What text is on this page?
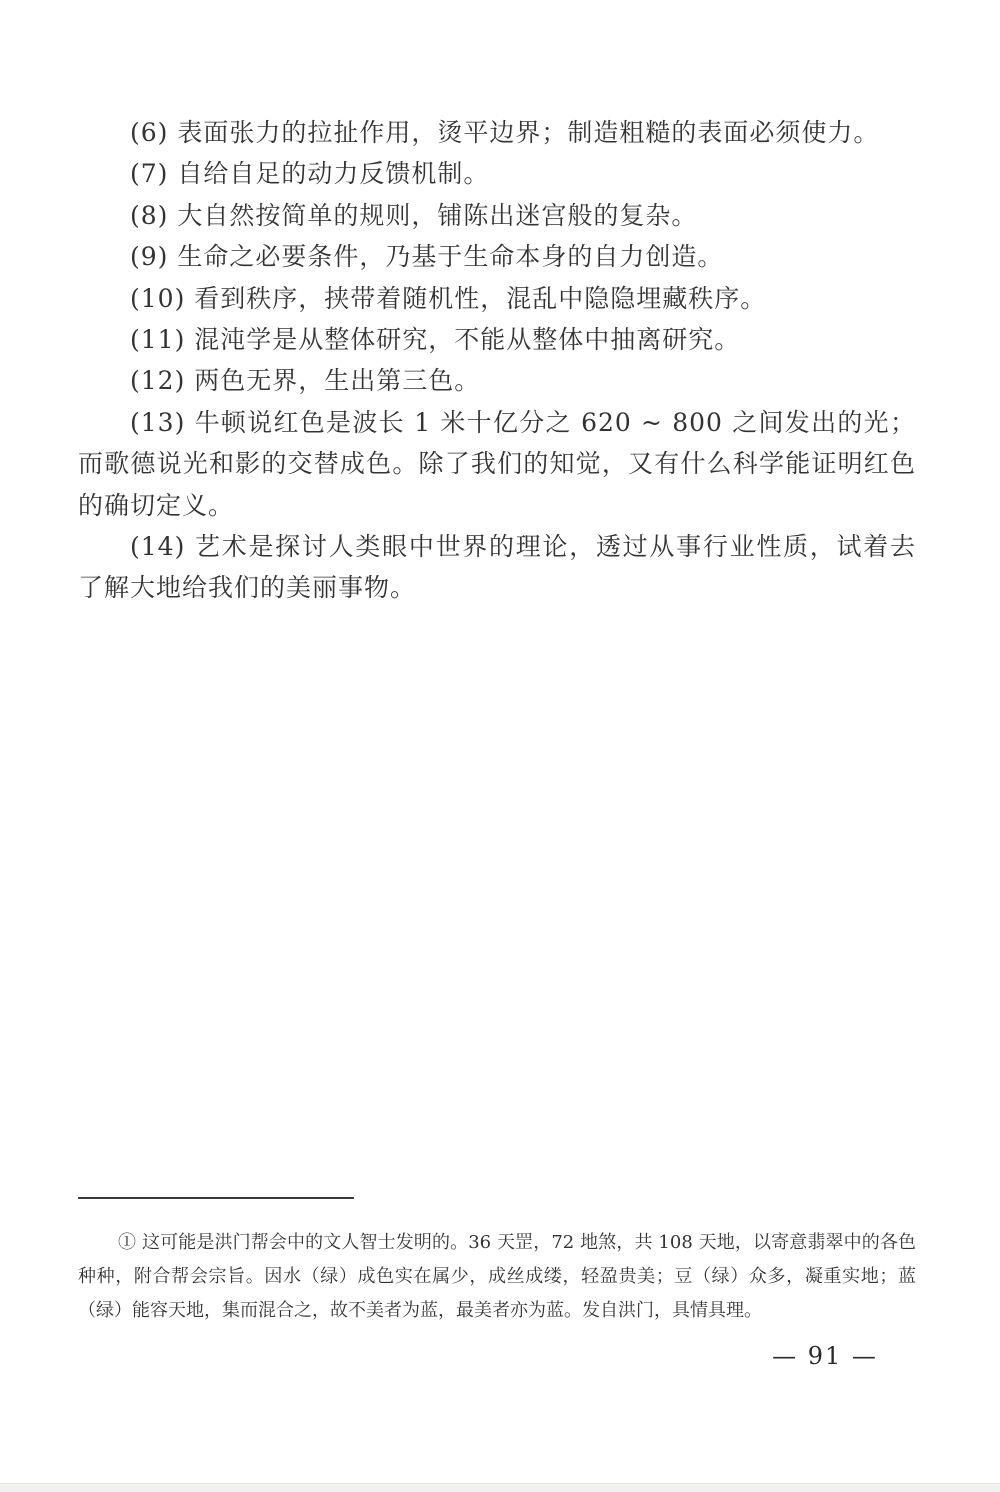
(6) 表面张力的拉扯作用，烫平边界；制造粗糙的表面必须使力。

(7) 自给自足的动力反馈机制。

(8) 大自然按简单的规则，铺陈出迷宫般的复杂。

(9) 生命之必要条件，乃基于生命本身的自力创造。

(10) 看到秩序，挟带着随机性，混乱中隐隐埋藏秩序。

(11) 混沌学是从整体研究，不能从整体中抽离研究。

(12) 两色无界，生出第三色。

(13) 牛顿说红色是波长 1 米十亿分之 620 ~ 800 之间发出的光；而歌德说光和影的交替成色。除了我们的知觉，又有什么科学能证明红色的确切定义。

(14) 艺术是探讨人类眼中世界的理论，透过从事行业性质，试着去了解大地给我们的美丽事物。

① 这可能是洪门帮会中的文人智士发明的。36 天罡，72 地煞，共 108 天地，以寄意翡翠中的各色种种，附合帮会宗旨。因水（绿）成色实在属少，成丝成缕，轻盈贵美；豆（绿）众多，凝重实地；蓝（绿）能容天地，集而混合之，故不美者为蓝，最美者亦为蓝。发自洪门，具情具理。

— 91 —
